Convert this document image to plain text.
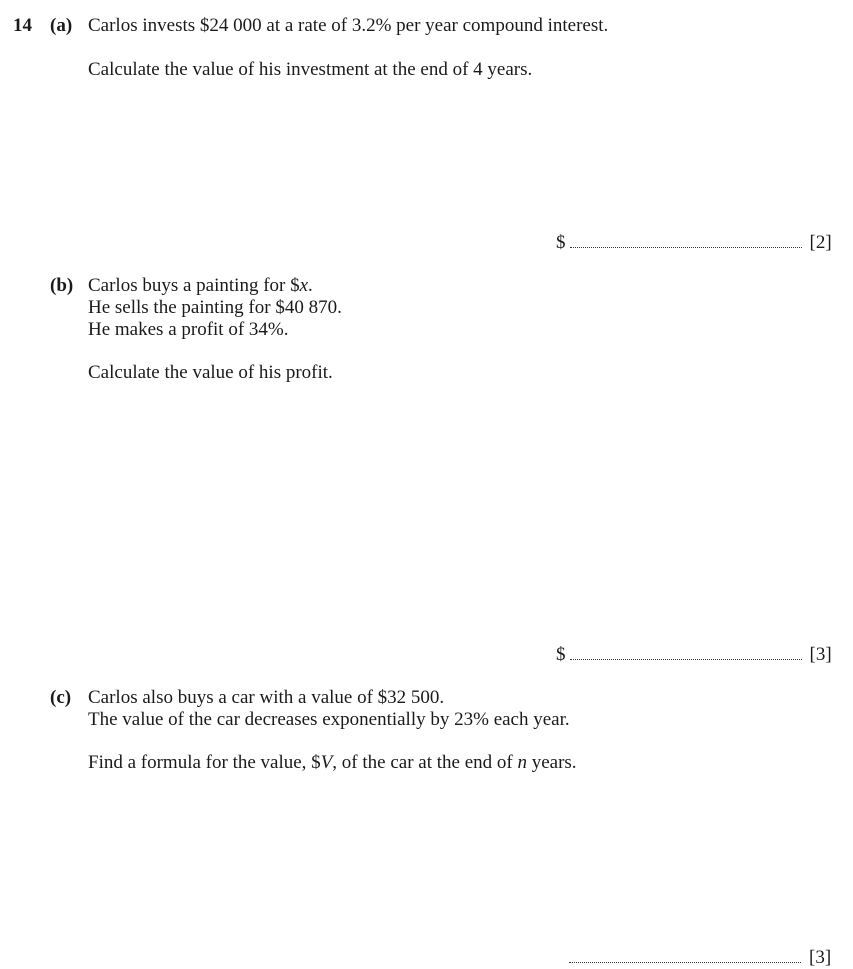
14 (a) Carlos invests $24 000 at a rate of 3.2% per year compound interest.
Calculate the value of his investment at the end of 4 years.
$	[2]
(b) Carlos buys a painting for $x.
He sells the painting for $40 870.
He makes a profit of 34%.
Calculate the value of his profit.
$	[3]
(c) Carlos also buys a car with a value of $32 500.
The value of the car decreases exponentially by 23% each year.
Find a formula for the value, $V, of the car at the end of n years.
[3]
